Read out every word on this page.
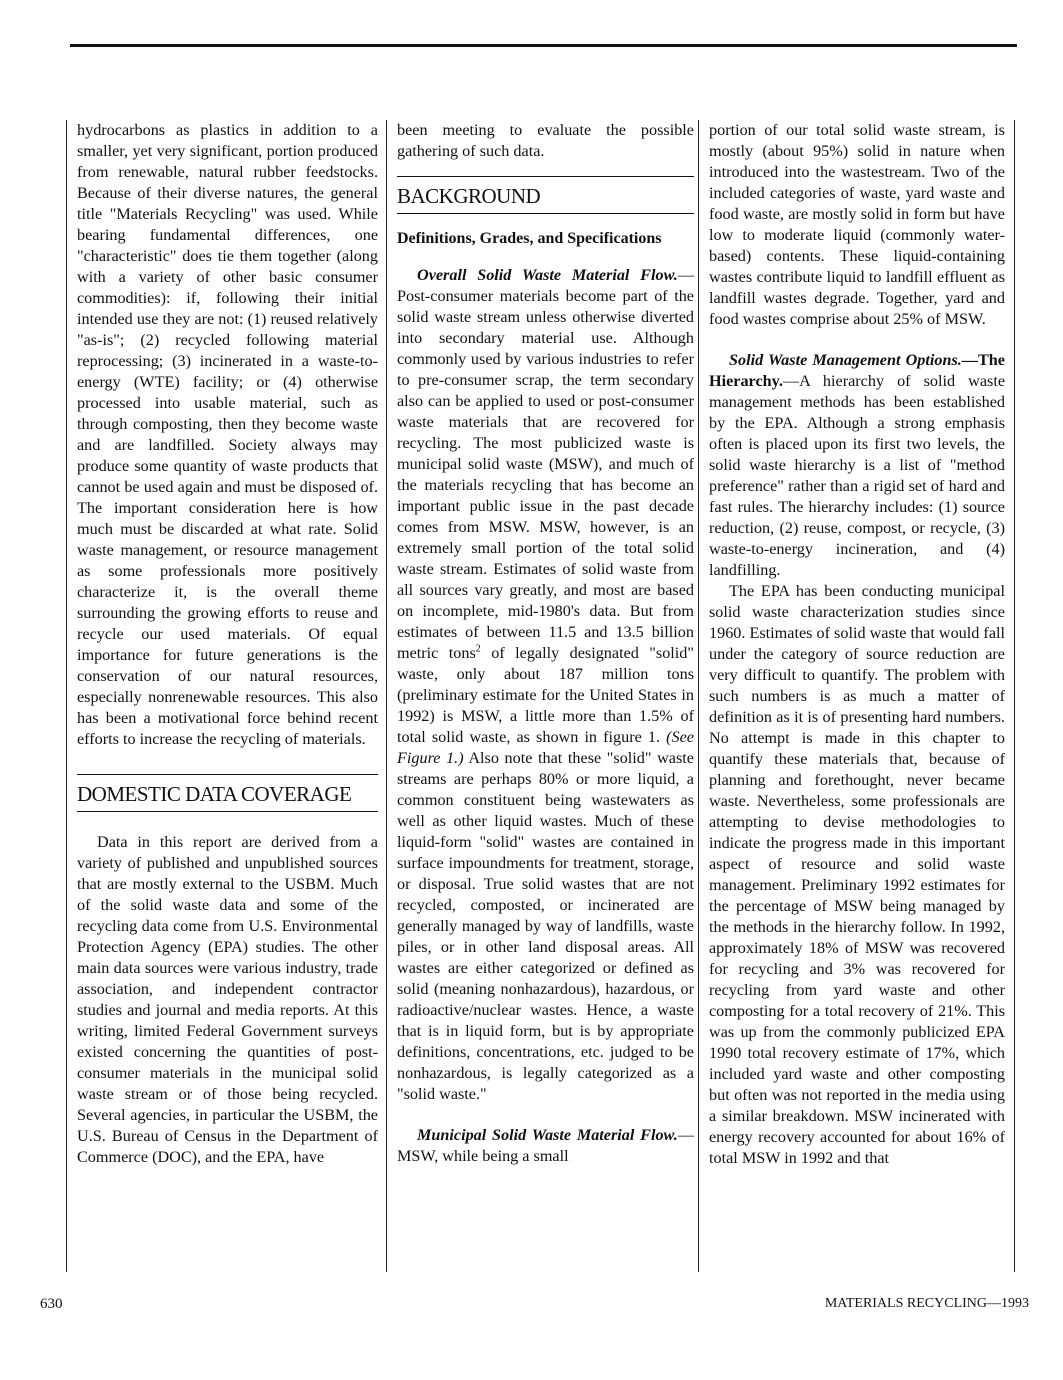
hydrocarbons as plastics in addition to a smaller, yet very significant, portion produced from renewable, natural rubber feedstocks. Because of their diverse natures, the general title "Materials Recycling" was used. While bearing fundamental differences, one "characteristic" does tie them together (along with a variety of other basic consumer commodities): if, following their initial intended use they are not: (1) reused relatively "as-is"; (2) recycled following material reprocessing; (3) incinerated in a waste-to-energy (WTE) facility; or (4) otherwise processed into usable material, such as through composting, then they become waste and are landfilled. Society always may produce some quantity of waste products that cannot be used again and must be disposed of. The important consideration here is how much must be discarded at what rate. Solid waste management, or resource management as some professionals more positively characterize it, is the overall theme surrounding the growing efforts to reuse and recycle our used materials. Of equal importance for future generations is the conservation of our natural resources, especially nonrenewable resources. This also has been a motivational force behind recent efforts to increase the recycling of materials.

DOMESTIC DATA COVERAGE

Data in this report are derived from a variety of published and unpublished sources that are mostly external to the USBM. Much of the solid waste data and some of the recycling data come from U.S. Environmental Protection Agency (EPA) studies. The other main data sources were various industry, trade association, and independent contractor studies and journal and media reports. At this writing, limited Federal Government surveys existed concerning the quantities of post-consumer materials in the municipal solid waste stream or of those being recycled. Several agencies, in particular the USBM, the U.S. Bureau of Census in the Department of Commerce (DOC), and the EPA, have

been meeting to evaluate the possible gathering of such data.

BACKGROUND

Definitions, Grades, and Specifications

Overall Solid Waste Material Flow.—Post-consumer materials become part of the solid waste stream unless otherwise diverted into secondary material use. Although commonly used by various industries to refer to pre-consumer scrap, the term secondary also can be applied to used or post-consumer waste materials that are recovered for recycling. The most publicized waste is municipal solid waste (MSW), and much of the materials recycling that has become an important public issue in the past decade comes from MSW. MSW, however, is an extremely small portion of the total solid waste stream. Estimates of solid waste from all sources vary greatly, and most are based on incomplete, mid-1980's data. But from estimates of between 11.5 and 13.5 billion metric tons$^2$ of legally designated "solid" waste, only about 187 million tons (preliminary estimate for the United States in 1992) is MSW, a little more than 1.5% of total solid waste, as shown in figure 1. (See Figure 1.) Also note that these "solid" waste streams are perhaps 80% or more liquid, a common constituent being wastewaters as well as other liquid wastes. Much of these liquid-form "solid" wastes are contained in surface impoundments for treatment, storage, or disposal. True solid wastes that are not recycled, composted, or incinerated are generally managed by way of landfills, waste piles, or in other land disposal areas. All wastes are either categorized or defined as solid (meaning nonhazardous), hazardous, or radioactive/nuclear wastes. Hence, a waste that is in liquid form, but is by appropriate definitions, concentrations, etc. judged to be nonhazardous, is legally categorized as a "solid waste."

Municipal Solid Waste Material Flow.—MSW, while being a small

portion of our total solid waste stream, is mostly (about 95%) solid in nature when introduced into the wastestream. Two of the included categories of waste, yard waste and food waste, are mostly solid in form but have low to moderate liquid (commonly water-based) contents. These liquid-containing wastes contribute liquid to landfill effluent as landfill wastes degrade. Together, yard and food wastes comprise about 25% of MSW.

Solid Waste Management Options.—The Hierarchy.—A hierarchy of solid waste management methods has been established by the EPA. Although a strong emphasis often is placed upon its first two levels, the solid waste hierarchy is a list of "method preference" rather than a rigid set of hard and fast rules. The hierarchy includes: (1) source reduction, (2) reuse, compost, or recycle, (3) waste-to-energy incineration, and (4) landfilling.

The EPA has been conducting municipal solid waste characterization studies since 1960. Estimates of solid waste that would fall under the category of source reduction are very difficult to quantify. The problem with such numbers is as much a matter of definition as it is of presenting hard numbers. No attempt is made in this chapter to quantify these materials that, because of planning and forethought, never became waste. Nevertheless, some professionals are attempting to devise methodologies to indicate the progress made in this important aspect of resource and solid waste management. Preliminary 1992 estimates for the percentage of MSW being managed by the methods in the hierarchy follow. In 1992, approximately 18% of MSW was recovered for recycling and 3% was recovered for recycling from yard waste and other composting for a total recovery of 21%. This was up from the commonly publicized EPA 1990 total recovery estimate of 17%, which included yard waste and other composting but often was not reported in the media using a similar breakdown. MSW incinerated with energy recovery accounted for about 16% of total MSW in 1992 and that

630	MATERIALS RECYCLING—1993
